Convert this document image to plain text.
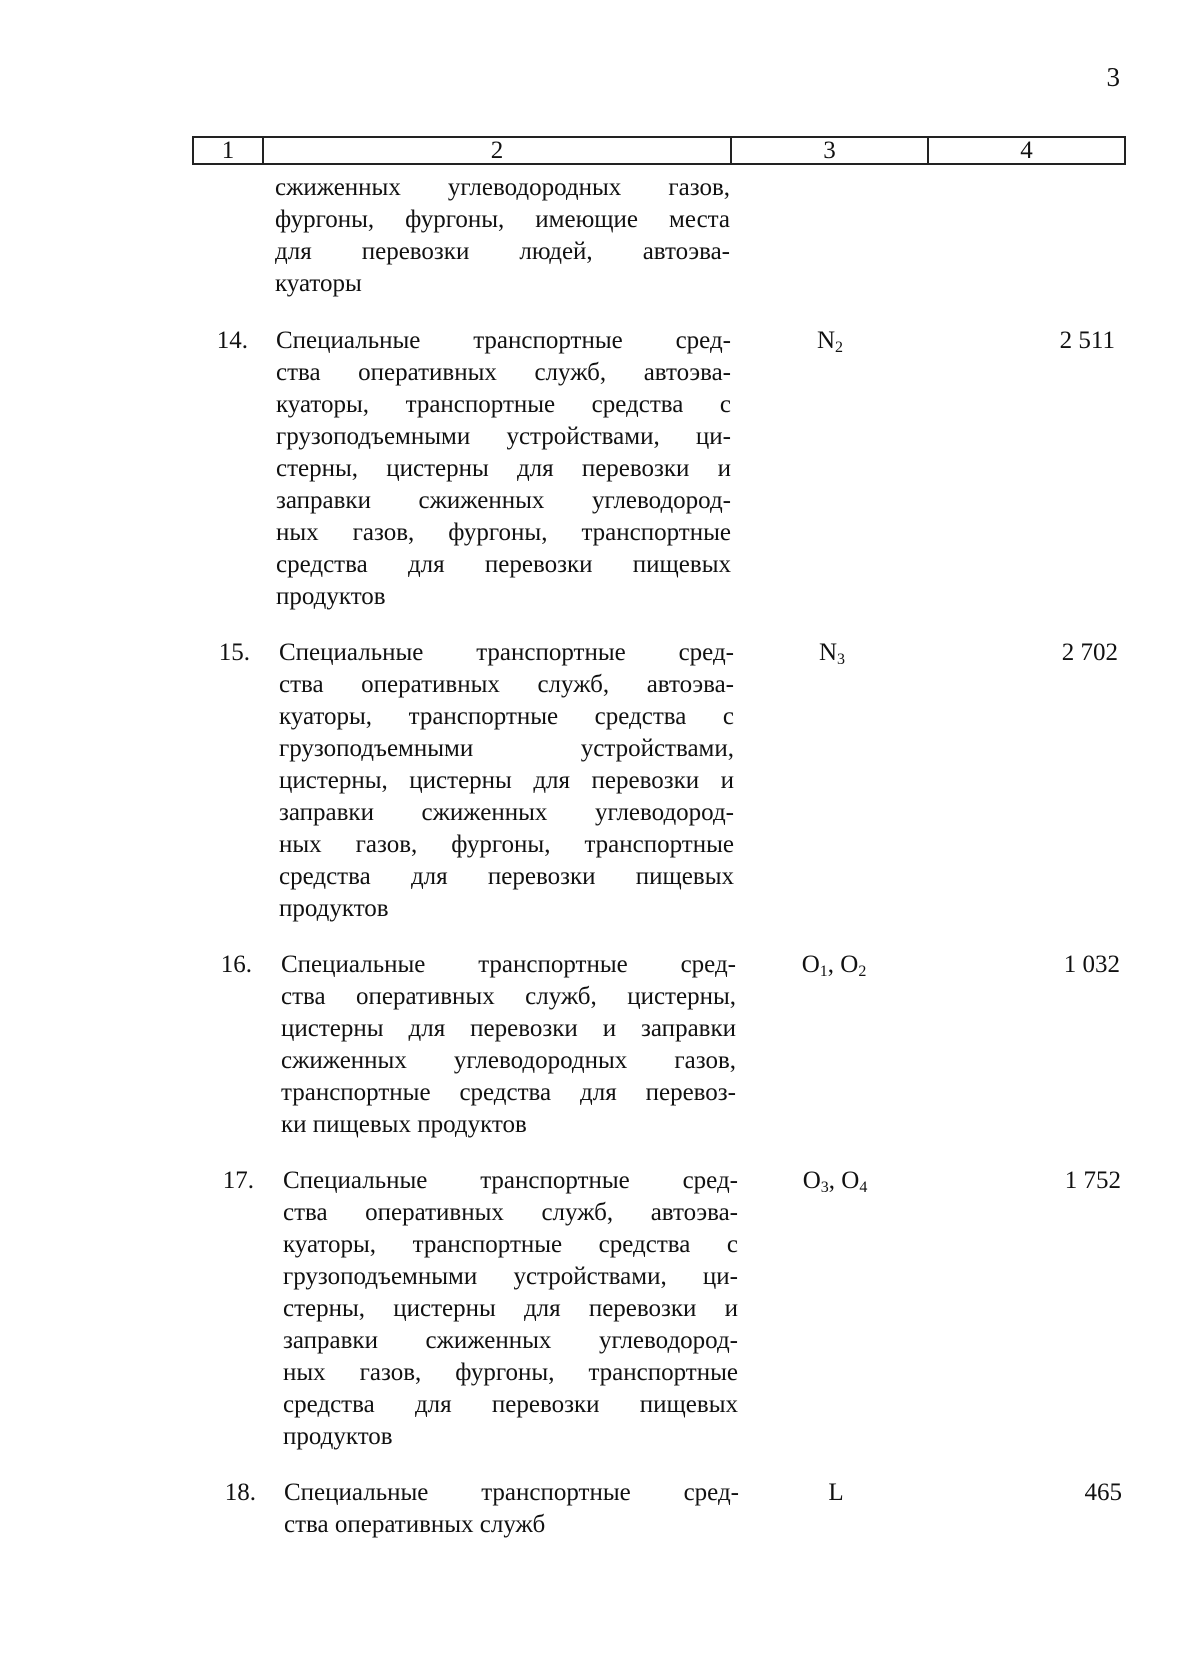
3
1	2	3	4
сжиженных углеводородных газов,
фургоны, фургоны, имеющие места
для перевозки людей, автоэва-
куаторы
14. Специальные транспортные сред-
ства оперативных служб, автоэва-
куаторы, транспортные средства с
грузоподъемными устройствами, ци-
стерны, цистерны для перевозки и
заправки сжиженных углеводород-
ных газов, фургоны, транспортные
средства для перевозки пищевых
продуктов
$N_2$	2 511
15. Специальные транспортные сред-
ства оперативных служб, автоэва-
куаторы, транспортные средства с
грузоподъемными устройствами,
цистерны, цистерны для перевозки и
заправки сжиженных углеводород-
ных газов, фургоны, транспортные
средства для перевозки пищевых
продуктов
$N_3$	2 702
16. Специальные транспортные сред-
ства оперативных служб, цистерны,
цистерны для перевозки и заправки
сжиженных углеводородных газов,
транспортные средства для перевоз-
ки пищевых продуктов
$O_1$, $O_2$	1 032
17. Специальные транспортные сред-
ства оперативных служб, автоэва-
куаторы, транспортные средства с
грузоподъемными устройствами, ци-
стерны, цистерны для перевозки и
заправки сжиженных углеводород-
ных газов, фургоны, транспортные
средства для перевозки пищевых
продуктов
$O_3$, $O_4$	1 752
18. Специальные транспортные сред-
ства оперативных служб
L	465
